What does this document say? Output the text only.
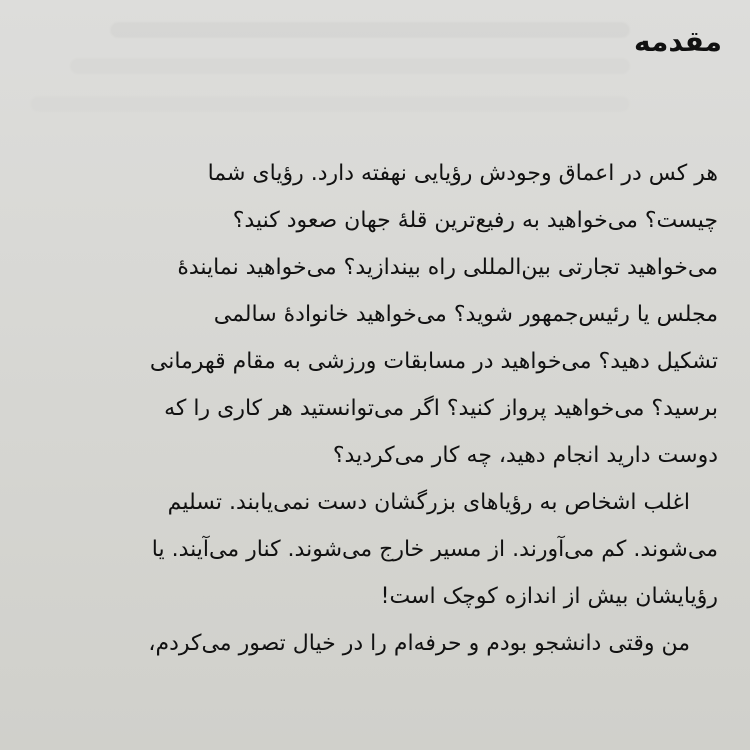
مقدمه
هر کس در اعماق وجودش رؤیایی نهفته دارد. رؤیای شما
چیست؟ می‌خواهید به رفیع‌ترین قلهٔ جهان صعود کنید؟
می‌خواهید تجارتی بین‌المللی راه بیندازید؟ می‌خواهید نمایندهٔ
مجلس یا رئیس‌جمهور شوید؟ می‌خواهید خانوادهٔ سالمی
تشکیل دهید؟ می‌خواهید در مسابقات ورزشی به مقام قهرمانی
برسید؟ می‌خواهید پرواز کنید؟ اگر می‌توانستید هر کاری را که
دوست دارید انجام دهید، چه کار می‌کردید؟
اغلب اشخاص به رؤیاهای بزرگشان دست نمی‌یابند. تسلیم
می‌شوند. کم می‌آورند. از مسیر خارج می‌شوند. کنار می‌آیند. یا
رؤیایشان بیش از اندازه کوچک است!
من وقتی دانشجو بودم و حرفه‌ام را در خیال تصور می‌کردم،
